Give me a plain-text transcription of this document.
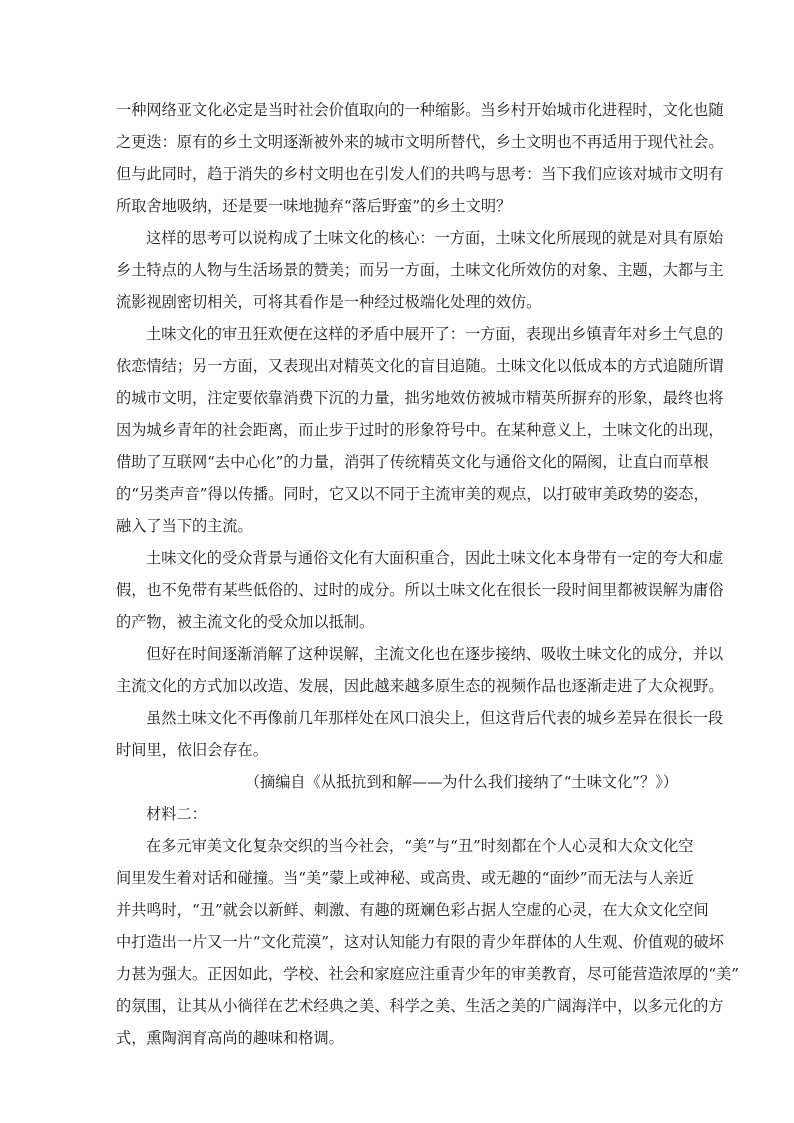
一种网络亚文化必定是当时社会价值取向的一种缩影。当乡村开始城市化进程时，文化也随
之更迭：原有的乡土文明逐渐被外来的城市文明所替代，乡土文明也不再适用于现代社会。
但与此同时，趋于消失的乡村文明也在引发人们的共鸣与思考：当下我们应该对城市文明有
所取舍地吸纳，还是要一味地抛弃“落后野蛮”的乡土文明？
这样的思考可以说构成了土味文化的核心：一方面，土味文化所展现的就是对具有原始
乡土特点的人物与生活场景的赞美；而另一方面，土味文化所效仿的对象、主题，大都与主
流影视剧密切相关，可将其看作是一种经过极端化处理的效仿。
土味文化的审丑狂欢便在这样的矛盾中展开了：一方面，表现出乡镇青年对乡土气息的
依恋情结；另一方面，又表现出对精英文化的盲目追随。土味文化以低成本的方式追随所谓
的城市文明，注定要依靠消费下沉的力量，拙劣地效仿被城市精英所摒弃的形象，最终也将
因为城乡青年的社会距离，而止步于过时的形象符号中。在某种意义上，土味文化的出现，
借助了互联网“去中心化”的力量，消弭了传统精英文化与通俗文化的隔阂，让直白而草根
的“另类声音”得以传播。同时，它又以不同于主流审美的观点，以打破审美政势的姿态，
融入了当下的主流。
土味文化的受众背景与通俗文化有大面积重合，因此土味文化本身带有一定的夸大和虚
假，也不免带有某些低俗的、过时的成分。所以土味文化在很长一段时间里都被误解为庸俗
的产物，被主流文化的受众加以抵制。
但好在时间逐渐消解了这种误解，主流文化也在逐步接纳、吸收土味文化的成分，并以
主流文化的方式加以改造、发展，因此越来越多原生态的视频作品也逐渐走进了大众视野。
虽然土味文化不再像前几年那样处在风口浪尖上，但这背后代表的城乡差异在很长一段
时间里，依旧会存在。
（摘编自《从抵抗到和解——为什么我们接纳了“土味文化”？》）
材料二：
在多元审美文化复杂交织的当今社会，“美”与“丑”时刻都在个人心灵和大众文化空
间里发生着对话和碰撞。当“美”蒙上或神秘、或高贵、或无趣的“面纱”而无法与人亲近
并共鸣时，“丑”就会以新鲜、刺激、有趣的斑斓色彩占据人空虚的心灵，在大众文化空间
中打造出一片又一片“文化荒漠”，这对认知能力有限的青少年群体的人生观、价值观的破坏
力甚为强大。正因如此，学校、社会和家庭应注重青少年的审美教育，尽可能营造浓厚的“美”
的氛围，让其从小徜徉在艺术经典之美、科学之美、生活之美的广阔海洋中，以多元化的方
式，熏陶润育高尚的趣味和格调。
